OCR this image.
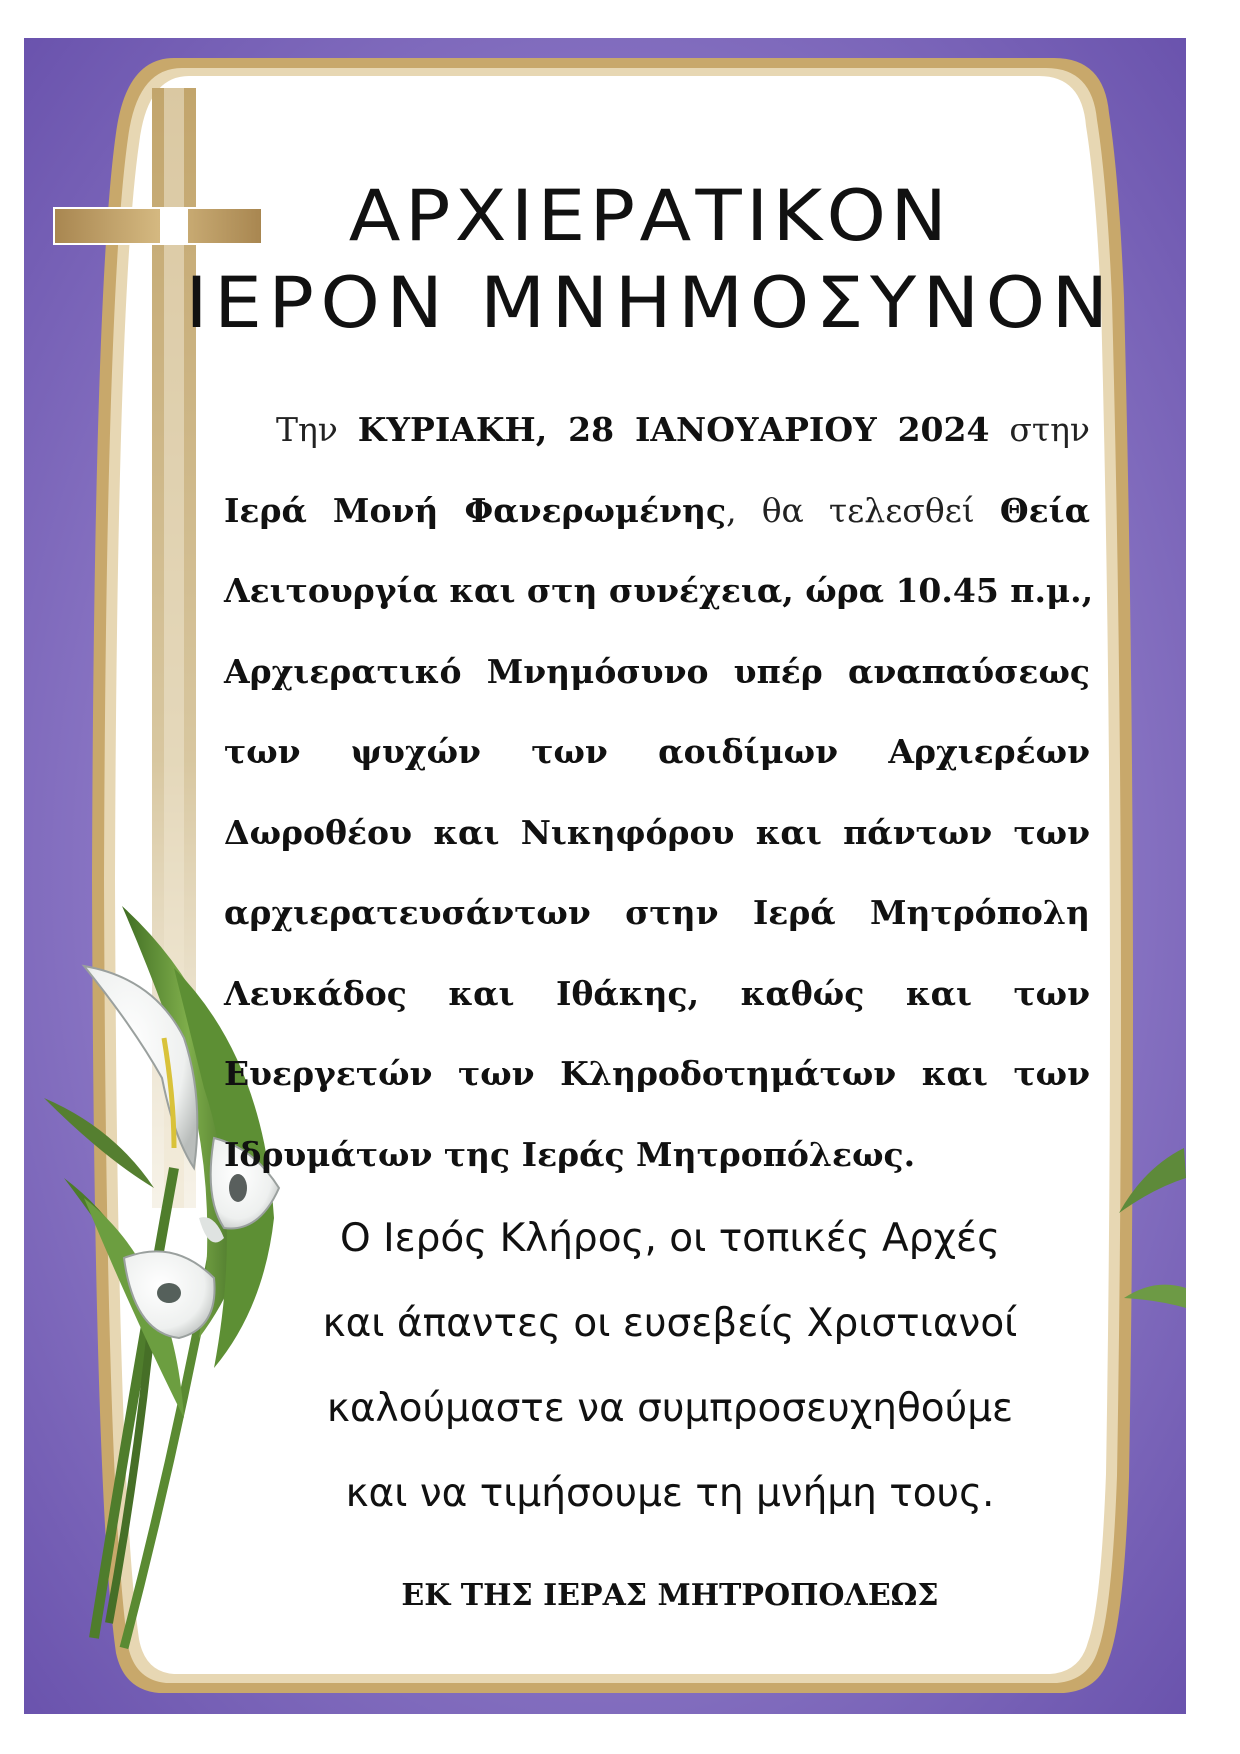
ΑΡΧΙΕΡΑΤΙΚΟΝ
ΙΕΡΟΝ ΜΝΗΜΟΣΥΝΟΝ
Την ΚΥΡΙΑΚΗ, 28 ΙΑΝΟΥΑΡΙΟΥ 2024 στην
Ιερά Μονή Φανερωμένης, θα τελεσθεί Θεία
Λειτουργία και στη συνέχεια, ώρα 10.45 π.μ.,
Αρχιερατικό Μνημόσυνο υπέρ αναπαύσεως
των ψυχών των αοιδίμων Αρχιερέων
Δωροθέου και Νικηφόρου και πάντων των
αρχιερατευσάντων στην Ιερά Μητρόπολη
Λευκάδος και Ιθάκης, καθώς και των
Ευεργετών των Κληροδοτημάτων και των
Ιδρυμάτων της Ιεράς Μητροπόλεως.
Ο Ιερός Κλήρος, οι τοπικές Αρχές
και άπαντες οι ευσεβείς Χριστιανοί
καλούμαστε να συμπροσευχηθούμε
και να τιμήσουμε τη μνήμη τους.
ΕΚ ΤΗΣ ΙΕΡΑΣ ΜΗΤΡΟΠΟΛΕΩΣ
